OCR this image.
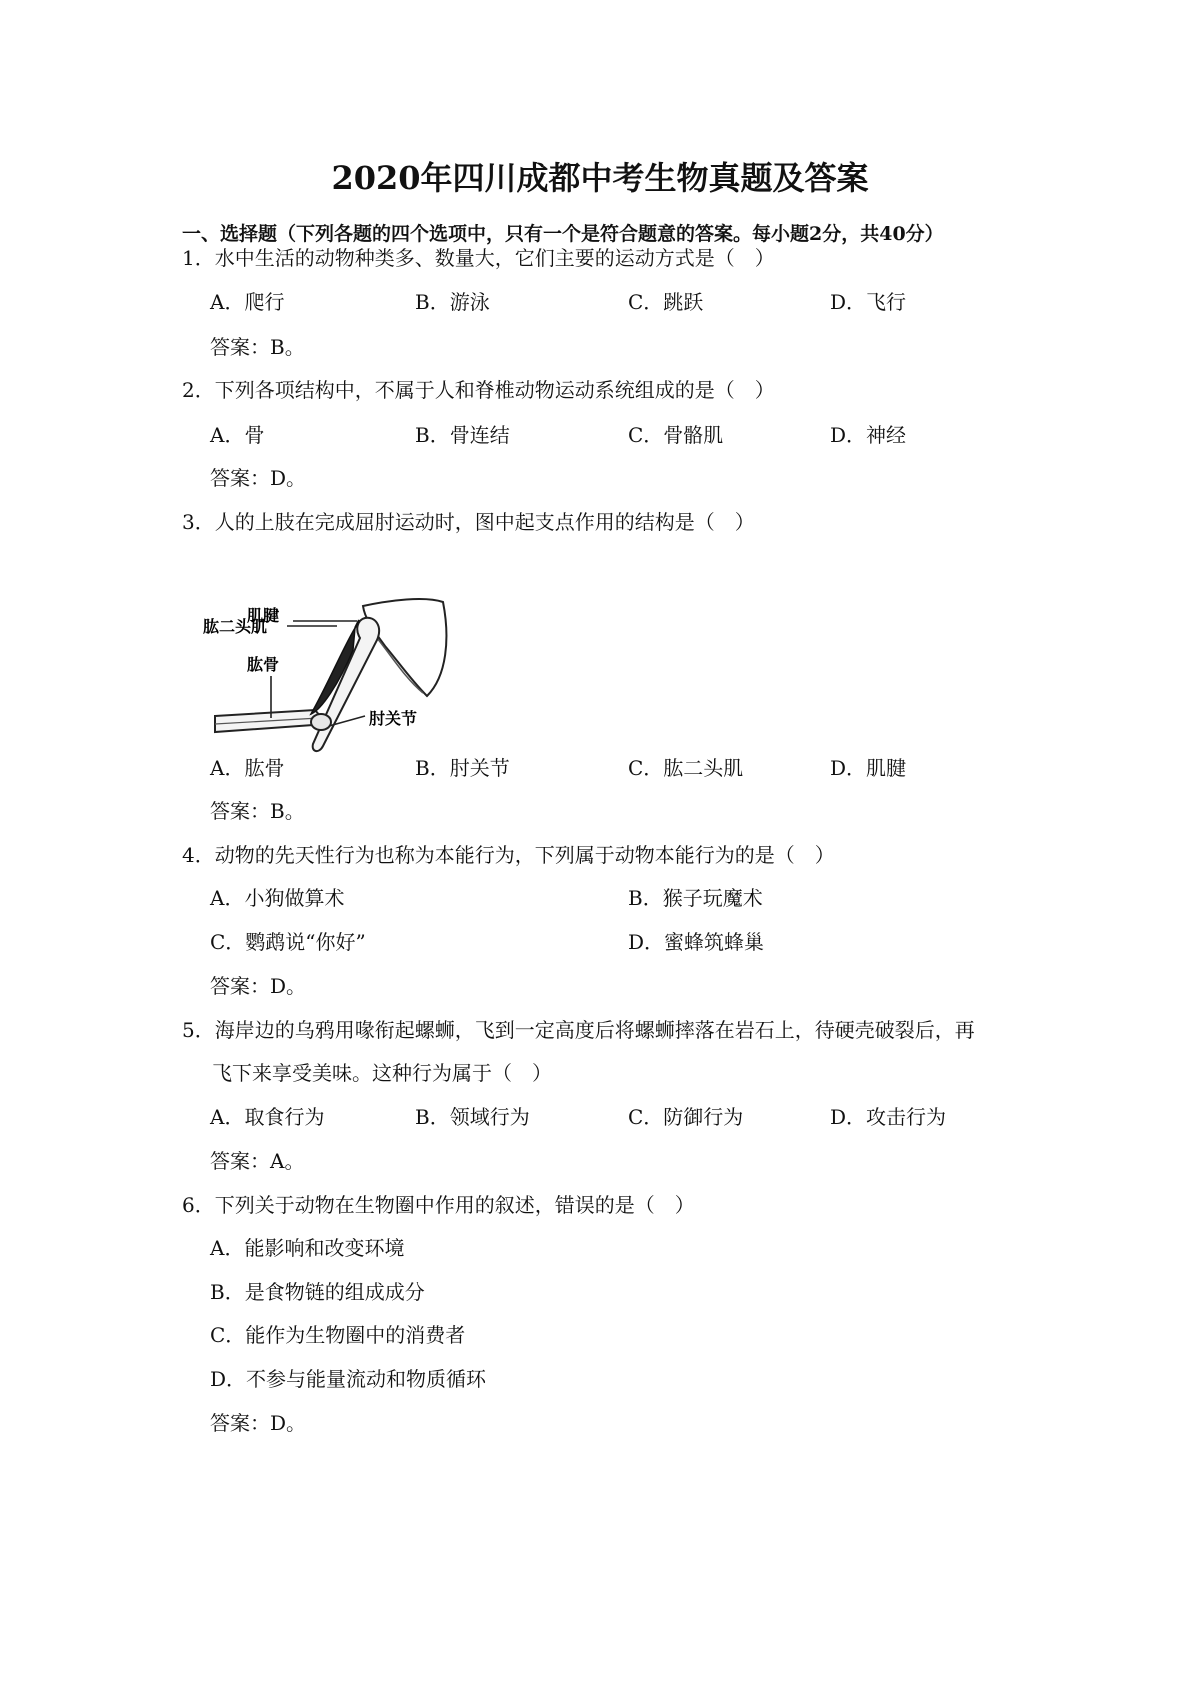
2020年四川成都中考生物真题及答案
一、选择题（下列各题的四个选项中，只有一个是符合题意的答案。每小题2分，共40分）
1．水中生活的动物种类多、数量大，它们主要的运动方式是（　）
A．爬行	B．游泳	C．跳跃	D．飞行
答案：B。
2．下列各项结构中，不属于人和脊椎动物运动系统组成的是（　）
A．骨	B．骨连结	C．骨骼肌	D．神经
答案：D。
3．人的上肢在完成屈肘运动时，图中起支点作用的结构是（　）
肌腱
肱二头肌
肱骨
肘关节
A．肱骨	B．肘关节	C．肱二头肌	D．肌腱
答案：B。
4．动物的先天性行为也称为本能行为，下列属于动物本能行为的是（　）
A．小狗做算术	B．猴子玩魔术
C．鹦鹉说“你好”	D．蜜蜂筑蜂巢
答案：D。
5．海岸边的乌鸦用喙衔起螺蛳，飞到一定高度后将螺蛳摔落在岩石上，待硬壳破裂后，再
飞下来享受美味。这种行为属于（　）
A．取食行为	B．领域行为	C．防御行为	D．攻击行为
答案：A。
6．下列关于动物在生物圈中作用的叙述，错误的是（　）
A．能影响和改变环境
B．是食物链的组成成分
C．能作为生物圈中的消费者
D．不参与能量流动和物质循环
答案：D。
